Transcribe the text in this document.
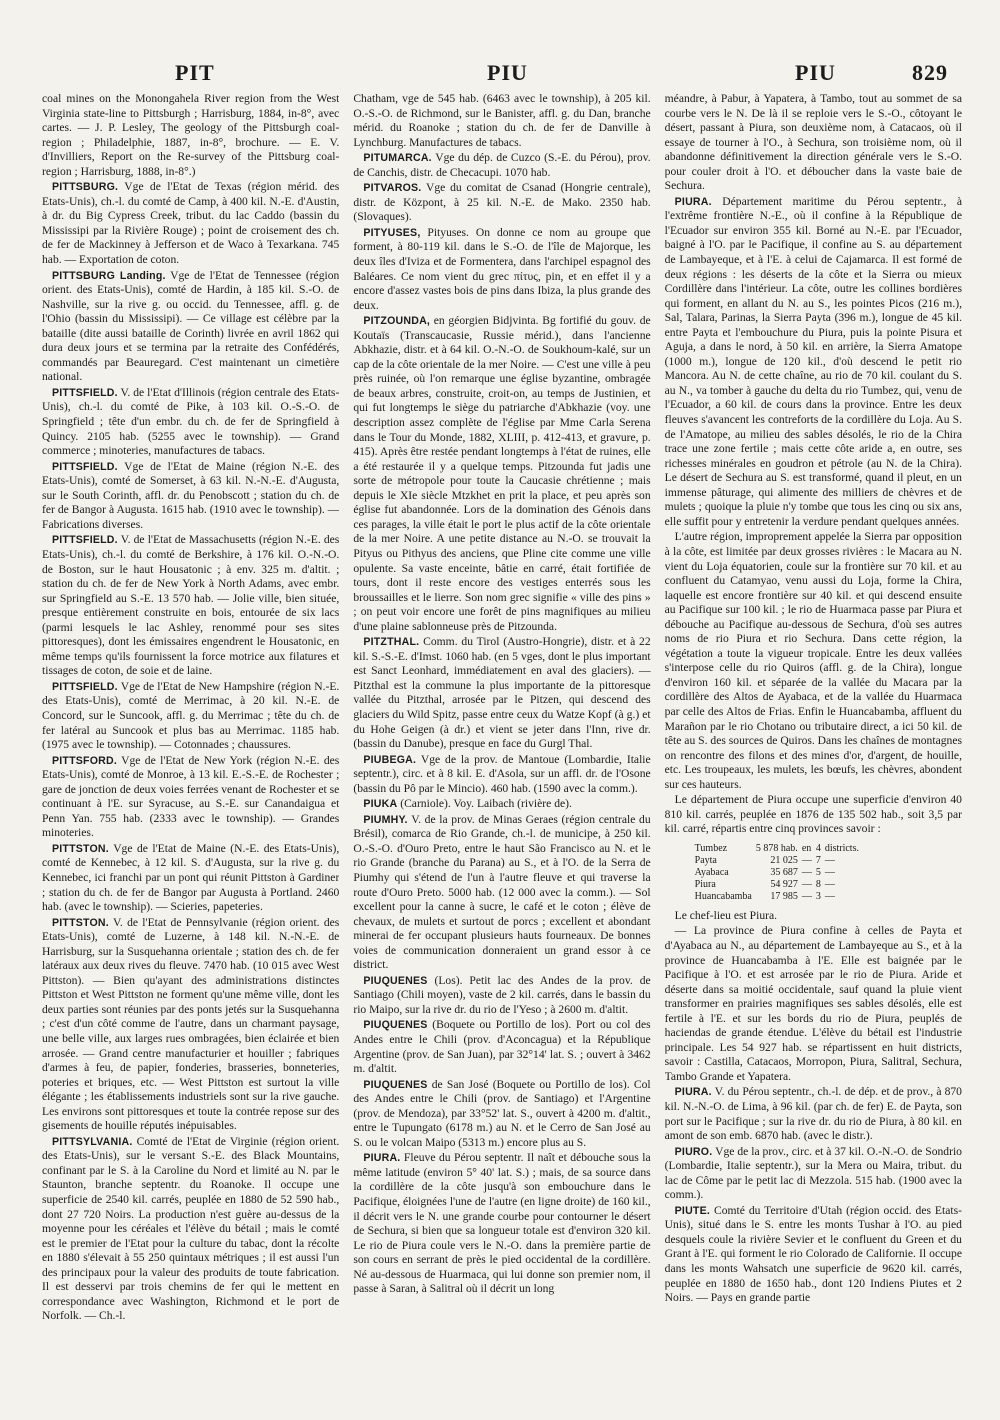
PIT	PIU	PIU	829

coal mines on the Monongahela River region from the West Virginia state-line to Pittsburgh ; Harrisburg, 1884, in-8°, avec cartes. — J. P. Lesley, The geology of the Pittsburgh coal-region ; Philadelphie, 1887, in-8°, brochure. — E. V. d'Invilliers, Report on the Re-survey of the Pittsburg coal-region ; Harrisburg, 1888, in-8°.)

PITTSBURG. Vge de l'Etat de Texas (région mérid. des Etats-Unis), ch.-l. du comté de Camp, à 400 kil. N.-E. d'Austin, à dr. du Big Cypress Creek, tribut. du lac Caddo (bassin du Mississipi par la Rivière Rouge) ; point de croisement des ch. de fer de Mackinney à Jefferson et de Waco à Texarkana. 745 hab. — Exportation de coton.

PITTSBURG Landing. Vge de l'Etat de Tennessee (région orient. des Etats-Unis), comté de Hardin, à 185 kil. S.-O. de Nashville, sur la rive g. ou occid. du Tennessee, affl. g. de l'Ohio (bassin du Mississipi). — Ce village est célèbre par la bataille (dite aussi bataille de Corinth) livrée en avril 1862 qui dura deux jours et se termina par la retraite des Confédérés, commandés par Beauregard. C'est maintenant un cimetière national.

PITTSFIELD. V. de l'Etat d'Illinois (région centrale des Etats-Unis), ch.-l. du comté de Pike, à 103 kil. O.-S.-O. de Springfield ; tête d'un embr. du ch. de fer de Springfield à Quincy. 2105 hab. (5255 avec le township). — Grand commerce ; minoteries, manufactures de tabacs.

PITTSFIELD. Vge de l'Etat de Maine (région N.-E. des Etats-Unis), comté de Somerset, à 63 kil. N.-N.-E. d'Augusta, sur le South Corinth, affl. dr. du Penobscott ; station du ch. de fer de Bangor à Augusta. 1615 hab. (1910 avec le township). — Fabrications diverses.

PITTSFIELD. V. de l'Etat de Massachusetts (région N.-E. des Etats-Unis), ch.-l. du comté de Berkshire, à 176 kil. O.-N.-O. de Boston, sur le haut Housatonic ; à env. 325 m. d'altit. ; station du ch. de fer de New York à North Adams, avec embr. sur Springfield au S.-E. 13 570 hab. — Jolie ville, bien située, presque entièrement construite en bois, entourée de six lacs (parmi lesquels le lac Ashley, renommé pour ses sites pittoresques), dont les émissaires engendrent le Housatonic, en même temps qu'ils fournissent la force motrice aux filatures et tissages de coton, de soie et de laine.

PITTSFIELD. Vge de l'Etat de New Hampshire (région N.-E. des Etats-Unis), comté de Merrimac, à 20 kil. N.-E. de Concord, sur le Suncook, affl. g. du Merrimac ; tête du ch. de fer latéral au Suncook et plus bas au Merrimac. 1185 hab. (1975 avec le township). — Cotonnades ; chaussures.

PITTSFORD. Vge de l'Etat de New York (région N.-E. des Etats-Unis), comté de Monroe, à 13 kil. E.-S.-E. de Rochester ; gare de jonction de deux voies ferrées venant de Rochester et se continuant à l'E. sur Syracuse, au S.-E. sur Canandaigua et Penn Yan. 755 hab. (2333 avec le township). — Grandes minoteries.

PITTSTON. Vge de l'Etat de Maine (N.-E. des Etats-Unis), comté de Kennebec, à 12 kil. S. d'Augusta, sur la rive g. du Kennebec, ici franchi par un pont qui réunit Pittston à Gardiner ; station du ch. de fer de Bangor par Augusta à Portland. 2460 hab. (avec le township). — Scieries, papeteries.

PITTSTON. V. de l'Etat de Pennsylvanie (région orient. des Etats-Unis), comté de Luzerne, à 148 kil. N.-N.-E. de Harrisburg, sur la Susquehanna orientale ; station des ch. de fer latéraux aux deux rives du fleuve. 7470 hab. (10 015 avec West Pittston). — Bien qu'ayant des administrations distinctes Pittston et West Pittston ne forment qu'une même ville, dont les deux parties sont réunies par des ponts jetés sur la Susquehanna ; c'est d'un côté comme de l'autre, dans un charmant paysage, une belle ville, aux larges rues ombragées, bien éclairée et bien arrosée. — Grand centre manufacturier et houiller ; fabriques d'armes à feu, de papier, fonderies, brasseries, bonneteries, poteries et briques, etc. — West Pittston est surtout la ville élégante ; les établissements industriels sont sur la rive gauche. Les environs sont pittoresques et toute la contrée repose sur des gisements de houille réputés inépuisables.

PITTSYLVANIA. Comté de l'Etat de Virginie (région orient. des Etats-Unis), sur le versant S.-E. des Black Mountains, confinant par le S. à la Caroline du Nord et limité au N. par le Staunton, branche septentr. du Roanoke. Il occupe une superficie de 2540 kil. carrés, peuplée en 1880 de 52 590 hab., dont 27 720 Noirs. La production n'est guère au-dessus de la moyenne pour les céréales et l'élève du bétail ; mais le comté est le premier de l'Etat pour la culture du tabac, dont la récolte en 1880 s'élevait à 55 250 quintaux métriques ; il est aussi l'un des principaux pour la valeur des produits de toute fabrication. Il est desservi par trois chemins de fer qui le mettent en correspondance avec Washington, Richmond et le port de Norfolk. — Ch.-l.

Chatham, vge de 545 hab. (6463 avec le township), à 205 kil. O.-S.-O. de Richmond, sur le Banister, affl. g. du Dan, branche mérid. du Roanoke ; station du ch. de fer de Danville à Lynchburg. Manufactures de tabacs.

PITUMARCA. Vge du dép. de Cuzco (S.-E. du Pérou), prov. de Canchis, distr. de Checacupi. 1070 hab.

PITVAROS. Vge du comitat de Csanad (Hongrie centrale), distr. de Központ, à 25 kil. N.-E. de Mako. 2350 hab. (Slovaques).

PITYUSES, Pityuses. On donne ce nom au groupe que forment, à 80-119 kil. dans le S.-O. de l'île de Majorque, les deux îles d'Iviza et de Formentera, dans l'archipel espagnol des Baléares. Ce nom vient du grec πίτυς, pin, et en effet il y a encore d'assez vastes bois de pins dans Ibiza, la plus grande des deux.

PITZOUNDA, en géorgien Bidjvinta. Bg fortifié du gouv. de Koutaïs (Transcaucasie, Russie mérid.), dans l'ancienne Abkhazie, distr. et à 64 kil. O.-N.-O. de Soukhoum-kalé, sur un cap de la côte orientale de la mer Noire. — C'est une ville à peu près ruinée, où l'on remarque une église byzantine, ombragée de beaux arbres, construite, croit-on, au temps de Justinien, et qui fut longtemps le siège du patriarche d'Abkhazie (voy. une description assez complète de l'église par Mme Carla Serena dans le Tour du Monde, 1882, XLIII, p. 412-413, et gravure, p. 415). Après être restée pendant longtemps à l'état de ruines, elle a été restaurée il y a quelque temps. Pitzounda fut jadis une sorte de métropole pour toute la Caucasie chrétienne ; mais depuis le XIe siècle Mtzkhet en prit la place, et peu après son église fut abandonnée. Lors de la domination des Génois dans ces parages, la ville était le port le plus actif de la côte orientale de la mer Noire. A une petite distance au N.-O. se trouvait la Pityus ou Pithyus des anciens, que Pline cite comme une ville opulente. Sa vaste enceinte, bâtie en carré, était fortifiée de tours, dont il reste encore des vestiges enterrés sous les broussailles et le lierre. Son nom grec signifie « ville des pins » ; on peut voir encore une forêt de pins magnifiques au milieu d'une plaine sablonneuse près de Pitzounda.

PITZTHAL. Comm. du Tirol (Austro-Hongrie), distr. et à 22 kil. S.-S.-E. d'Imst. 1060 hab. (en 5 vges, dont le plus important est Sanct Leonhard, immédiatement en aval des glaciers). — Pitzthal est la commune la plus importante de la pittoresque vallée du Pitzthal, arrosée par le Pitzen, qui descend des glaciers du Wild Spitz, passe entre ceux du Watze Kopf (à g.) et du Hohe Geigen (à dr.) et vient se jeter dans l'Inn, rive dr. (bassin du Danube), presque en face du Gurgl Thal.

PIUBEGA. Vge de la prov. de Mantoue (Lombardie, Italie septentr.), circ. et à 8 kil. E. d'Asola, sur un affl. dr. de l'Osone (bassin du Pô par le Mincio). 460 hab. (1590 avec la comm.).

PIUKA (Carniole). Voy. Laibach (rivière de).

PIUMHY. V. de la prov. de Minas Geraes (région centrale du Brésil), comarca de Rio Grande, ch.-l. de municipe, à 250 kil. O.-S.-O. d'Ouro Preto, entre le haut São Francisco au N. et le rio Grande (branche du Parana) au S., et à l'O. de la Serra de Piumhy qui s'étend de l'un à l'autre fleuve et qui traverse la route d'Ouro Preto. 5000 hab. (12 000 avec la comm.). — Sol excellent pour la canne à sucre, le café et le coton ; élève de chevaux, de mulets et surtout de porcs ; excellent et abondant minerai de fer occupant plusieurs hauts fourneaux. De bonnes voies de communication donneraient un grand essor à ce district.

PIUQUENES (Los). Petit lac des Andes de la prov. de Santiago (Chili moyen), vaste de 2 kil. carrés, dans le bassin du rio Maipo, sur la rive dr. du rio de l'Yeso ; à 2600 m. d'altit.

PIUQUENES (Boquete ou Portillo de los). Port ou col des Andes entre le Chili (prov. d'Aconcagua) et la République Argentine (prov. de San Juan), par 32°14' lat. S. ; ouvert à 3462 m. d'altit.

PIUQUENES de San José (Boquete ou Portillo de los). Col des Andes entre le Chili (prov. de Santiago) et l'Argentine (prov. de Mendoza), par 33°52' lat. S., ouvert à 4200 m. d'altit., entre le Tupungato (6178 m.) au N. et le Cerro de San José au S. ou le volcan Maipo (5313 m.) encore plus au S.

PIURA. Fleuve du Pérou septentr. Il naît et débouche sous la même latitude (environ 5° 40' lat. S.) ; mais, de sa source dans la cordillère de la côte jusqu'à son embouchure dans le Pacifique, éloignées l'une de l'autre (en ligne droite) de 160 kil., il décrit vers le N. une grande courbe pour contourner le désert de Sechura, si bien que sa longueur totale est d'environ 320 kil. Le rio de Piura coule vers le N.-O. dans la première partie de son cours en serrant de près le pied occidental de la cordillère. Né au-dessous de Huarmaca, qui lui donne son premier nom, il passe à Saran, à Salitral où il décrit un long

méandre, à Pabur, à Yapatera, à Tambo, tout au sommet de sa courbe vers le N. De là il se reploie vers le S.-O., côtoyant le désert, passant à Piura, son deuxième nom, à Catacaos, où il essaye de tourner à l'O., à Sechura, son troisième nom, où il abandonne définitivement la direction générale vers le S.-O. pour couler droit à l'O. et déboucher dans la vaste baie de Sechura.

PIURA. Département maritime du Pérou septentr., à l'extrême frontière N.-E., où il confine à la République de l'Ecuador sur environ 355 kil. Borné au N.-E. par l'Ecuador, baigné à l'O. par le Pacifique, il confine au S. au département de Lambayeque, et à l'E. à celui de Cajamarca. Il est formé de deux régions : les déserts de la côte et la Sierra ou mieux Cordillère dans l'intérieur. La côte, outre les collines bordières qui forment, en allant du N. au S., les pointes Picos (216 m.), Sal, Talara, Parinas, la Sierra Payta (396 m.), longue de 45 kil. entre Payta et l'embouchure du Piura, puis la pointe Pisura et Aguja, a dans le nord, à 50 kil. en arrière, la Sierra Amatope (1000 m.), longue de 120 kil., d'où descend le petit rio Mancora. Au N. de cette chaîne, au rio de 70 kil. coulant du S. au N., va tomber à gauche du delta du rio Tumbez, qui, venu de l'Ecuador, a 60 kil. de cours dans la province. Entre les deux fleuves s'avancent les contreforts de la cordillère du Loja. Au S. de l'Amatope, au milieu des sables désolés, le rio de la Chira trace une zone fertile ; mais cette côte aride a, en outre, ses richesses minérales en goudron et pétrole (au N. de la Chira). Le désert de Sechura au S. est transformé, quand il pleut, en un immense pâturage, qui alimente des milliers de chèvres et de mulets ; quoique la pluie n'y tombe que tous les cinq ou six ans, elle suffit pour y entretenir la verdure pendant quelques années.

L'autre région, improprement appelée la Sierra par opposition à la côte, est limitée par deux grosses rivières : le Macara au N. vient du Loja équatorien, coule sur la frontière sur 70 kil. et au confluent du Catamyao, venu aussi du Loja, forme la Chira, laquelle est encore frontière sur 40 kil. et qui descend ensuite au Pacifique sur 100 kil. ; le rio de Huarmaca passe par Piura et débouche au Pacifique au-dessous de Sechura, d'où ses autres noms de rio Piura et rio Sechura. Dans cette région, la végétation a toute la vigueur tropicale. Entre les deux vallées s'interpose celle du rio Quiros (affl. g. de la Chira), longue d'environ 160 kil. et séparée de la vallée du Macara par la cordillère des Altos de Ayabaca, et de la vallée du Huarmaca par celle des Altos de Frias. Enfin le Huancabamba, affluent du Marañon par le rio Chotano ou tributaire direct, a ici 50 kil. de tête au S. des sources de Quiros. Dans les chaînes de montagnes on rencontre des filons et des mines d'or, d'argent, de houille, etc. Les troupeaux, les mulets, les bœufs, les chèvres, abondent sur ces hauteurs.

Le département de Piura occupe une superficie d'environ 40 810 kil. carrés, peuplée en 1876 de 135 502 hab., soit 3,5 par kil. carré, répartis entre cinq provinces savoir :

Tumbez	5 878 hab.	en	4	districts.
Payta	21 025	—	7	—
Ayabaca	35 687	—	5	—
Piura	54 927	—	8	—
Huancabamba	17 985	—	3	—

Le chef-lieu est Piura.

— La province de Piura confine à celles de Payta et d'Ayabaca au N., au département de Lambayeque au S., et à la province de Huancabamba à l'E. Elle est baignée par le Pacifique à l'O. et est arrosée par le rio de Piura. Aride et déserte dans sa moitié occidentale, sauf quand la pluie vient transformer en prairies magnifiques ses sables désolés, elle est fertile à l'E. et sur les bords du rio de Piura, peuplés de haciendas de grande étendue. L'élève du bétail est l'industrie principale. Les 54 927 hab. se répartissent en huit districts, savoir : Castilla, Catacaos, Morropon, Piura, Salitral, Sechura, Tambo Grande et Yapatera.

PIURA. V. du Pérou septentr., ch.-l. de dép. et de prov., à 870 kil. N.-N.-O. de Lima, à 96 kil. (par ch. de fer) E. de Payta, son port sur le Pacifique ; sur la rive dr. du rio de Piura, à 80 kil. en amont de son emb. 6870 hab. (avec le distr.).

PIURO. Vge de la prov., circ. et à 37 kil. O.-N.-O. de Sondrio (Lombardie, Italie septentr.), sur la Mera ou Maira, tribut. du lac de Côme par le petit lac di Mezzola. 515 hab. (1900 avec la comm.).

PIUTE. Comté du Territoire d'Utah (région occid. des Etats-Unis), situé dans le S. entre les monts Tushar à l'O. au pied desquels coule la rivière Sevier et le confluent du Green et du Grant à l'E. qui forment le rio Colorado de Californie. Il occupe dans les monts Wahsatch une superficie de 9620 kil. carrés, peuplée en 1880 de 1650 hab., dont 120 Indiens Piutes et 2 Noirs. — Pays en grande partie
